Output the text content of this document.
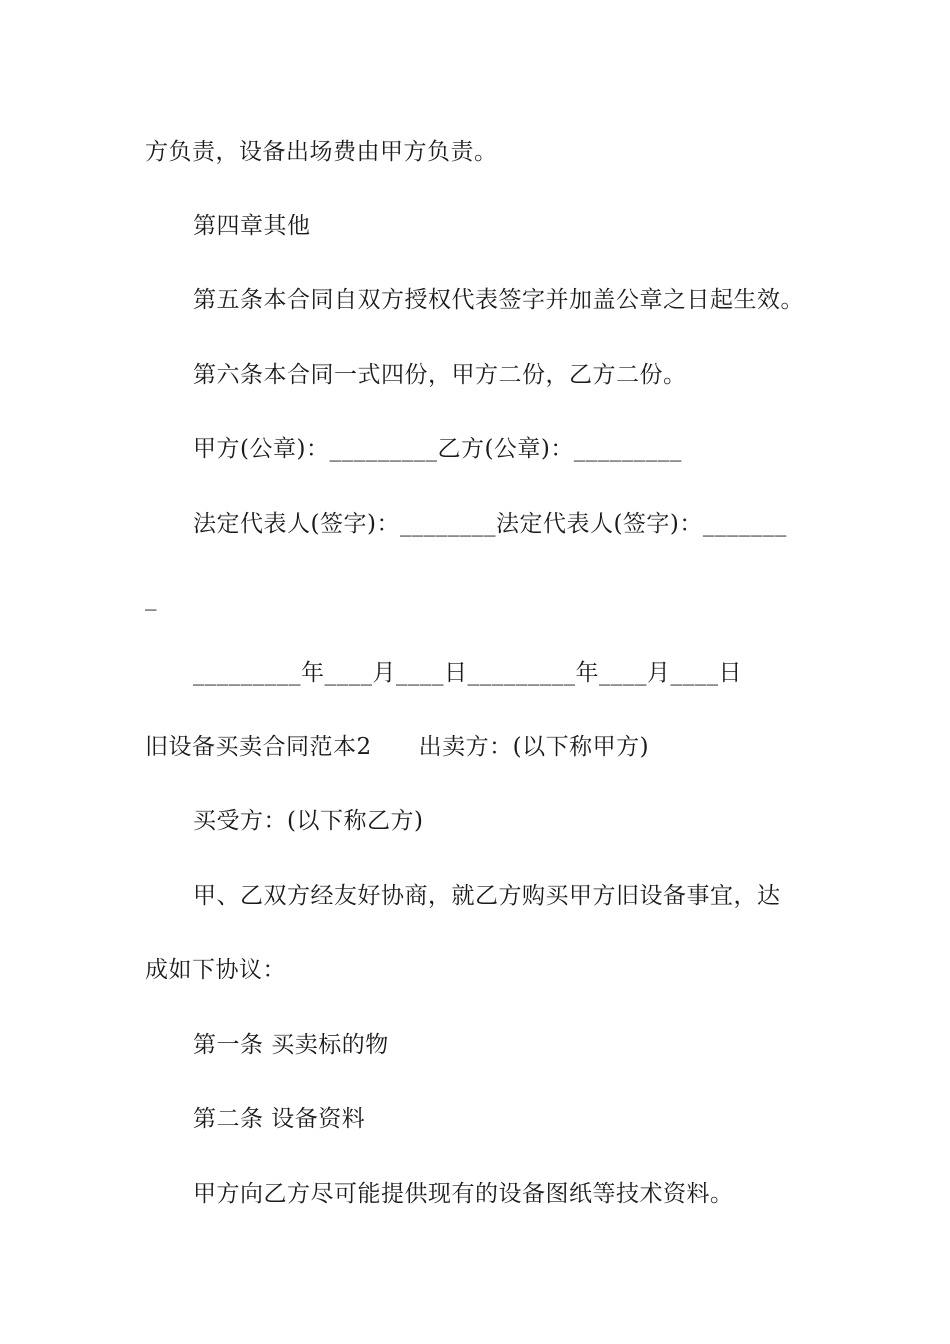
方负责，设备出场费由甲方负责。
第四章其他
第五条本合同自双方授权代表签字并加盖公章之日起生效。
第六条本合同一式四份，甲方二份，乙方二份。
甲方(公章)：_________乙方(公章)：_________
法定代表人(签字)：________法定代表人(签字)：_______
_
_________年____月____日_________年____月____日
旧设备买卖合同范本2　　出卖方：(以下称甲方)
买受方：(以下称乙方)
甲、乙双方经友好协商，就乙方购买甲方旧设备事宜，达
成如下协议：
第一条 买卖标的物
第二条 设备资料
甲方向乙方尽可能提供现有的设备图纸等技术资料。
